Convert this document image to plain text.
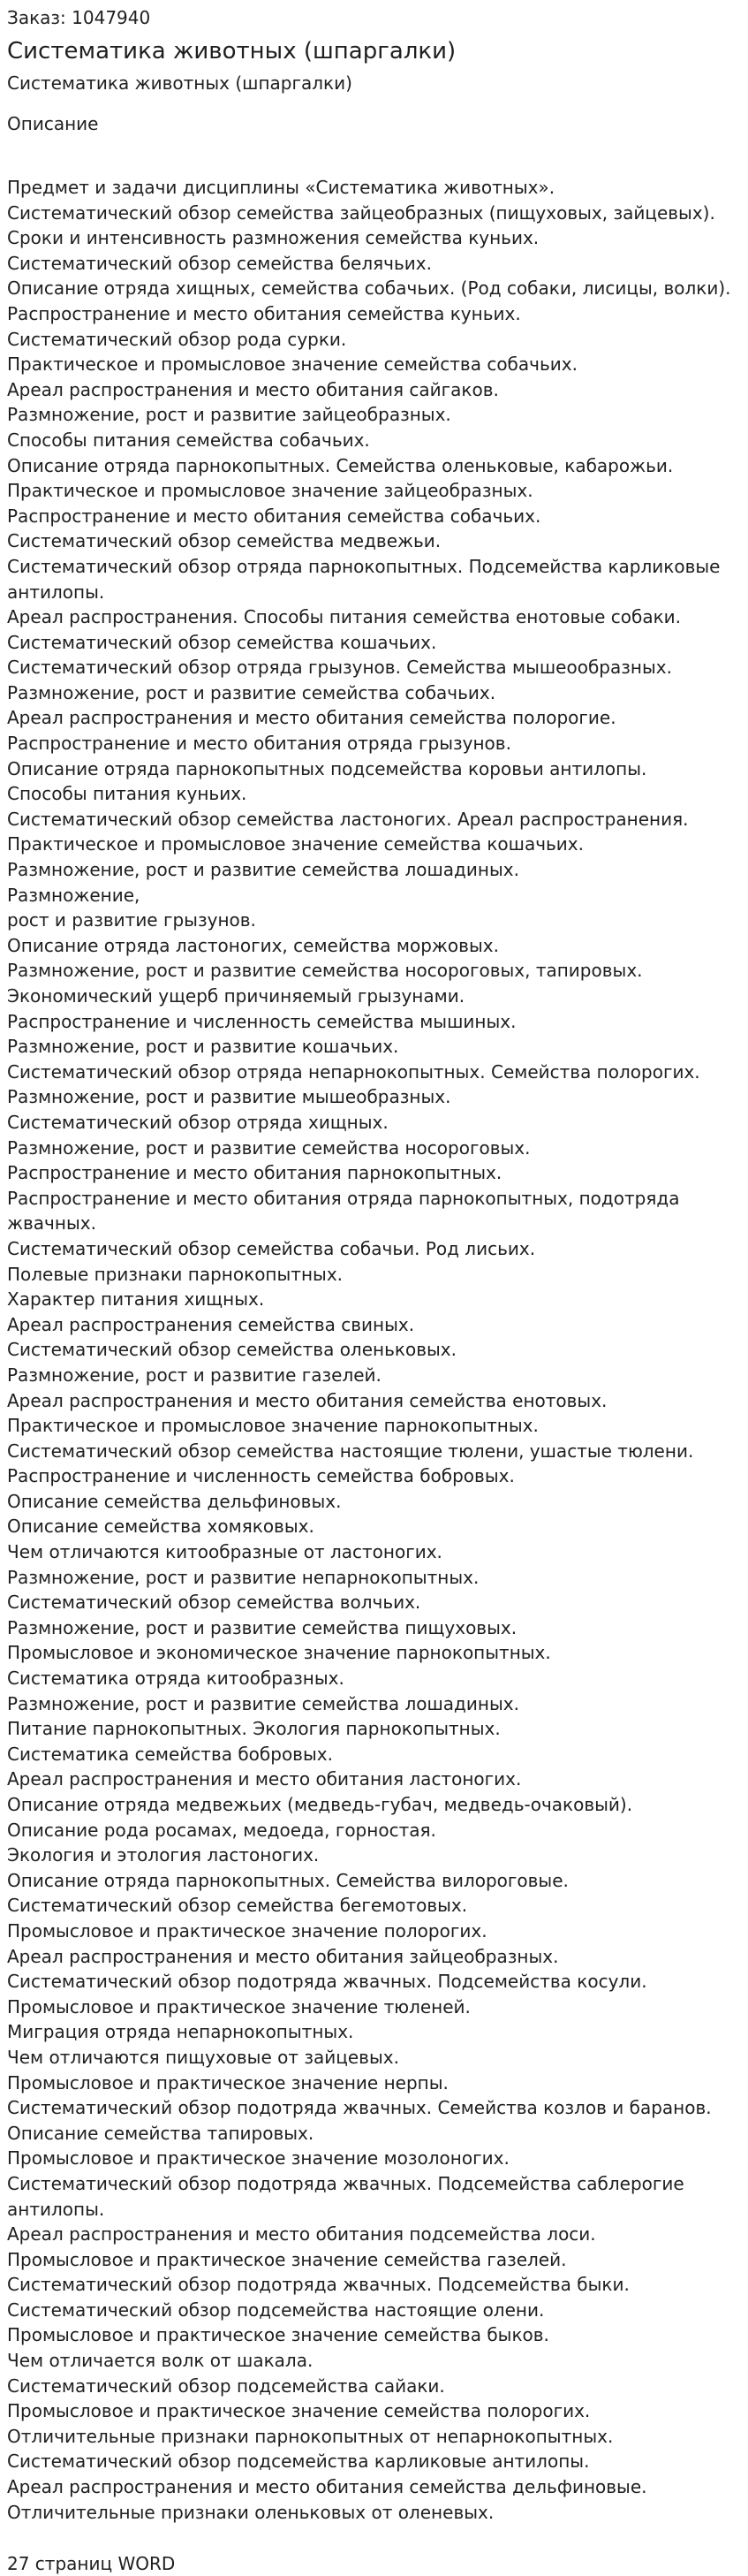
Заказ: 1047940

Систематика животных (шпаргалки)

Систематика животных (шпаргалки)

Описание

Предмет и задачи дисциплины «Систематика животных».
Систематический обзор семейства зайцеобразных (пищуховых, зайцевых).
Сроки и интенсивность размножения семейства куньих.
Систематический обзор семейства белячьих.
Описание отряда хищных, семейства собачьих. (Род собаки, лисицы, волки).
Распространение и место обитания семейства куньих.
Систематический обзор рода сурки.
Практическое и промысловое значение семейства собачьих.
Ареал распространения и место обитания сайгаков.
Размножение, рост и развитие зайцеобразных.
Способы питания семейства собачьих.
Описание отряда парнокопытных. Семейства оленьковые, кабарожьи.
Практическое и промысловое значение зайцеобразных.
Распространение и место обитания семейства собачьих.
Систематический обзор семейства медвежьи.
Систематический обзор отряда парнокопытных. Подсемейства карликовые
антилопы.
Ареал распространения. Способы питания семейства енотовые собаки.
Систематический обзор семейства кошачьих.
Систематический обзор отряда грызунов. Семейства мышеообразных.
Размножение, рост и развитие семейства собачьих.
Ареал распространения и место обитания семейства полорогие.
Распространение и место обитания отряда грызунов.
Описание отряда парнокопытных подсемейства коровьи антилопы.
Способы питания куньих.
Систематический обзор семейства ластоногих. Ареал распространения.
Практическое и промысловое значение семейства кошачьих.
Размножение, рост и развитие семейства лошадиных.
Размножение,
рост и развитие грызунов.
Описание отряда ластоногих, семейства моржовых.
Размножение, рост и развитие семейства носороговых, тапировых.
Экономический ущерб причиняемый грызунами.
Распространение и численность семейства мышиных.
Размножение, рост и развитие кошачьих.
Систематический обзор отряда непарнокопытных. Семейства полорогих.
Размножение, рост и развитие мышеобразных.
Систематический обзор отряда хищных.
Размножение, рост и развитие семейства носороговых.
Распространение и место обитания парнокопытных.
Распространение и место обитания отряда парнокопытных, подотряда жвачных.
Систематический обзор семейства собачьи. Род лисьих.
Полевые признаки парнокопытных.
Характер питания хищных.
Ареал распространения семейства свиных.
Систематический обзор семейства оленьковых.
Размножение, рост и развитие газелей.
Ареал распространения и место обитания семейства енотовых.
Практическое и промысловое значение парнокопытных.
Систематический обзор семейства настоящие тюлени, ушастые тюлени.
Распространение и численность семейства бобровых.
Описание семейства дельфиновых.
Описание семейства хомяковых.
Чем отличаются китообразные от ластоногих.
Размножение, рост и развитие непарнокопытных.
Систематический обзор семейства волчьих.
Размножение, рост и развитие семейства пищуховых.
Промысловое и экономическое значение парнокопытных.
Систематика отряда китообразных.
Размножение, рост и развитие семейства лошадиных.
Питание парнокопытных. Экология парнокопытных.
Систематика семейства бобровых.
Ареал распространения и место обитания ластоногих.
Описание отряда медвежьих (медведь-губач, медведь-очаковый).
Описание рода росамах, медоеда, горностая.
Экология и этология ластоногих.
Описание отряда парнокопытных. Семейства вилороговые.
Систематический обзор семейства бегемотовых.
Промысловое и практическое значение полорогих.
Ареал распространения и место обитания зайцеобразных.
Систематический обзор подотряда жвачных. Подсемейства косули.
Промысловое и практическое значение тюленей.
Миграция отряда непарнокопытных.
Чем отличаются пищуховые от зайцевых.
Промысловое и практическое значение нерпы.
Систематический обзор подотряда жвачных. Семейства козлов и баранов.
Описание семейства тапировых.
Промысловое и практическое значение мозолоногих.
Систематический обзор подотряда жвачных. Подсемейства саблерогие
антилопы.
Ареал распространения и место обитания подсемейства лоси.
Промысловое и практическое значение семейства газелей.
Систематический обзор подотряда жвачных. Подсемейства быки.
Систематический обзор подсемейства настоящие олени.
Промысловое и практическое значение семейства быков.
Чем отличается волк от шакала.
Систематический обзор подсемейства сайаки.
Промысловое и практическое значение семейства полорогих.
Отличительные признаки парнокопытных от непарнокопытных.
Систематический обзор подсемейства карликовые антилопы.
Ареал распространения и место обитания семейства дельфиновые.
Отличительные признаки оленьковых от оленевых.

27 страниц WORD
